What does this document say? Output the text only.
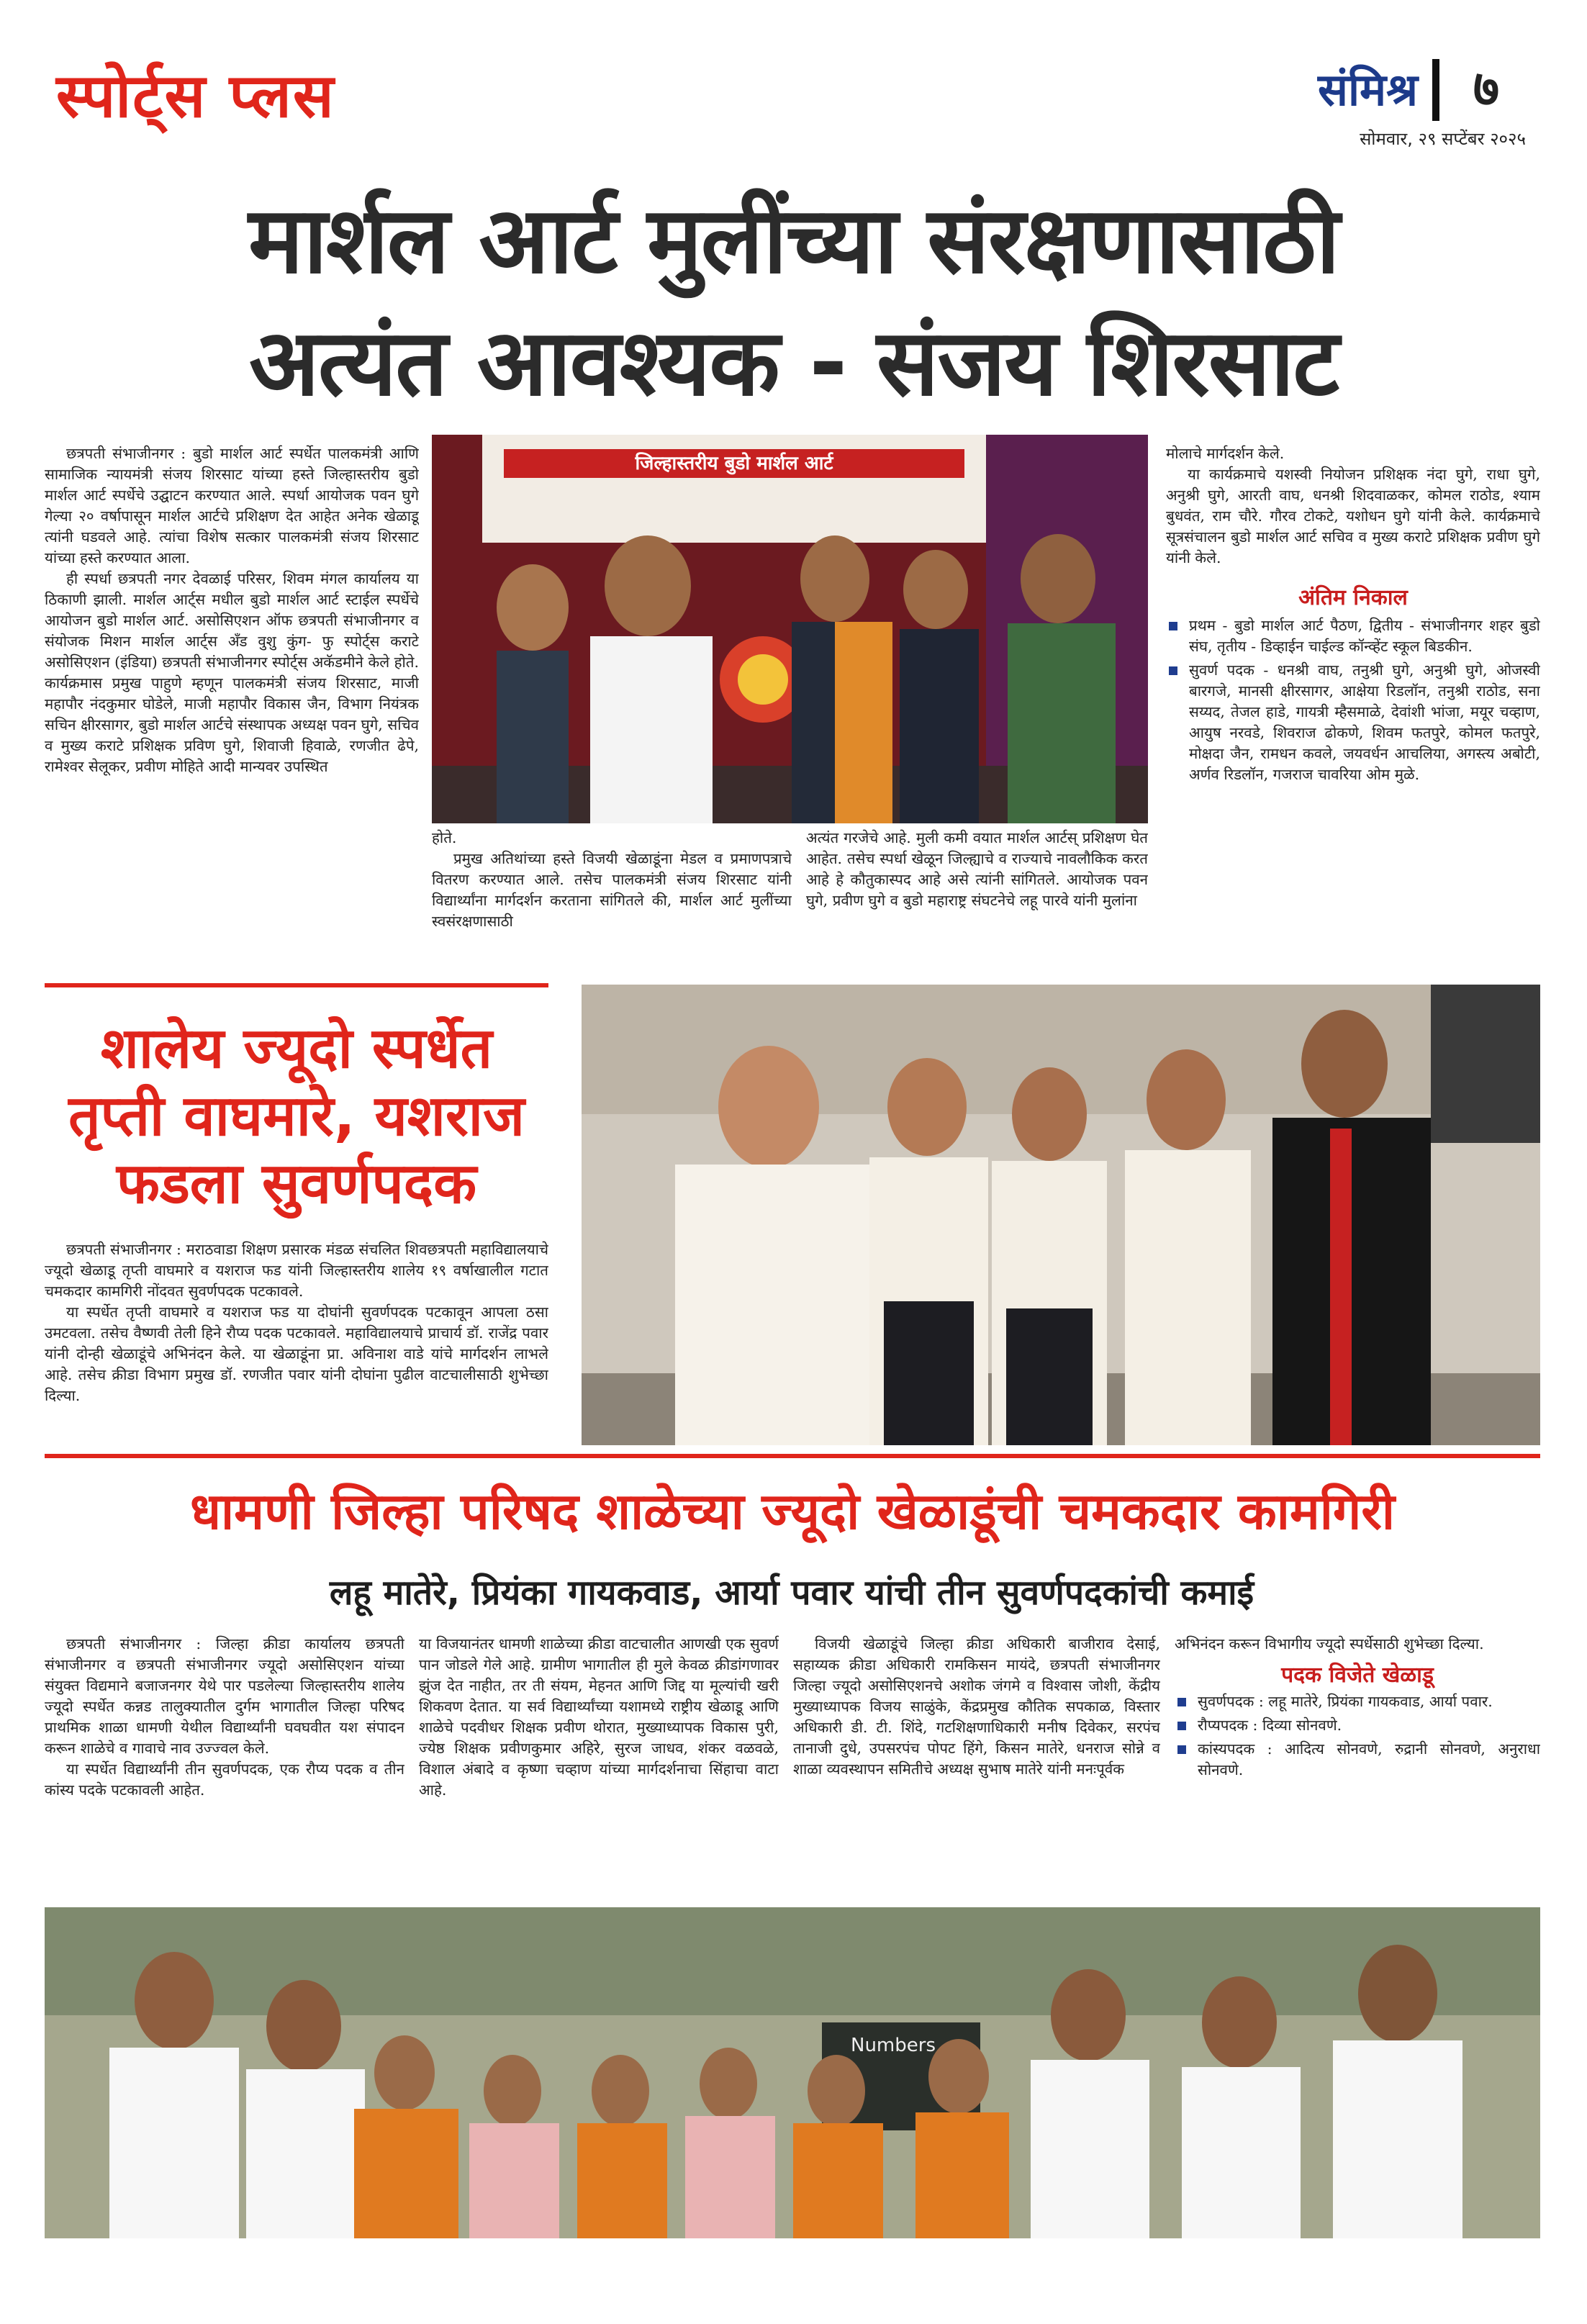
स्पोर्ट्स प्लस	संमिश्र	७
सोमवार, २९ सप्टेंबर २०२५
मार्शल आर्ट मुलींच्या संरक्षणासाठी
अत्यंत आवश्यक - संजय शिरसाट

छत्रपती संभाजीनगर : बुडो मार्शल आर्ट स्पर्धेत पालकमंत्री आणि सामाजिक न्यायमंत्री संजय शिरसाट यांच्या हस्ते जिल्हास्तरीय बुडो मार्शल आर्ट स्पर्धेचे उद्घाटन करण्यात आले. स्पर्धा आयोजक पवन घुगे गेल्या २० वर्षापासून मार्शल आर्टचे प्रशिक्षण देत आहेत अनेक खेळाडू त्यांनी घडवले आहे. त्यांचा विशेष सत्कार पालकमंत्री संजय शिरसाट यांच्या हस्ते करण्यात आला.

ही स्पर्धा छत्रपती नगर देवळाई परिसर, शिवम मंगल कार्यालय या ठिकाणी झाली. मार्शल आर्ट्स मधील बुडो मार्शल आर्ट स्टाईल स्पर्धेचे आयोजन बुडो मार्शल आर्ट. असोसिएशन ऑफ छत्रपती संभाजीनगर व संयोजक मिशन मार्शल आर्ट्स अँड वुशु कुंग- फु स्पोर्ट्स कराटे असोसिएशन (इंडिया) छत्रपती संभाजीनगर स्पोर्ट्स अकॅडमीने केले होते. कार्यक्रमास प्रमुख पाहुणे म्हणून पालकमंत्री संजय शिरसाट, माजी महापौर नंदकुमार घोडेले, माजी महापौर विकास जैन, विभाग नियंत्रक सचिन क्षीरसागर, बुडो मार्शल आर्टचे संस्थापक अध्यक्ष पवन घुगे, सचिव व मुख्य कराटे प्रशिक्षक प्रविण घुगे, शिवाजी हिवाळे, रणजीत ढेपे, रामेश्वर सेलूकर, प्रवीण मोहिते आदी मान्यवर उपस्थित

जिल्हास्तरीय बुडो मार्शल आर्ट

होते.

प्रमुख अतिथांच्या हस्ते विजयी खेळाडूंना मेडल व प्रमाणपत्राचे वितरण करण्यात आले. तसेच पालकमंत्री संजय शिरसाट यांनी विद्यार्थ्यांना मार्गदर्शन करताना सांगितले की, मार्शल आर्ट मुलींच्या स्वसंरक्षणासाठी

अत्यंत गरजेचे आहे. मुली कमी वयात मार्शल आर्टस् प्रशिक्षण घेत आहेत. तसेच स्पर्धा खेळून जिल्ह्याचे व राज्याचे नावलौकिक करत आहे हे कौतुकास्पद आहे असे त्यांनी सांगितले. आयोजक पवन घुगे, प्रवीण घुगे व बुडो महाराष्ट्र संघटनेचे लहू पारवे यांनी मुलांना

मोलाचे मार्गदर्शन केले.

या कार्यक्रमाचे यशस्वी नियोजन प्रशिक्षक नंदा घुगे, राधा घुगे, अनुश्री घुगे, आरती वाघ, धनश्री शिदवाळकर, कोमल राठोड, श्याम बुधवंत, राम चौरे. गौरव टोकटे, यशोधन घुगे यांनी केले. कार्यक्रमाचे सूत्रसंचालन बुडो मार्शल आर्ट सचिव व मुख्य कराटे प्रशिक्षक प्रवीण घुगे यांनी केले.

अंतिम निकाल
प्रथम - बुडो मार्शल आर्ट पैठण, द्वितीय - संभाजीनगर शहर बुडो संघ, तृतीय - डिव्हाईन चाईल्ड कॉन्व्हेंट स्कूल बिडकीन.
सुवर्ण पदक - धनश्री वाघ, तनुश्री घुगे, अनुश्री घुगे, ओजस्वी बारगजे, मानसी क्षीरसागर, आक्षेया रिडलॉन, तनुश्री राठोड, सना सय्यद, तेजल हाडे, गायत्री म्हैसमाळे, देवांशी भांजा, मयूर चव्हाण, आयुष नरवडे, शिवराज ढोकणे, शिवम फतपुरे, कोमल फतपुरे, मोक्षदा जैन, रामधन कवले, जयवर्धन आचलिया, अगस्त्य अबोटी, अर्णव रिडलॉन, गजराज चावरिया ओम मुळे.
शालेय ज्यूदो स्पर्धेत
तृप्ती वाघमारे, यशराज
फडला सुवर्णपदक

छत्रपती संभाजीनगर : मराठवाडा शिक्षण प्रसारक मंडळ संचलित शिवछत्रपती महाविद्यालयाचे ज्यूदो खेळाडू तृप्ती वाघमारे व यशराज फड यांनी जिल्हास्तरीय शालेय १९ वर्षाखालील गटात चमकदार कामगिरी नोंदवत सुवर्णपदक पटकावले.

या स्पर्धेत तृप्ती वाघमारे व यशराज फड या दोघांनी सुवर्णपदक पटकावून आपला ठसा उमटवला. तसेच वैष्णवी तेली हिने रौप्य पदक पटकावले. महाविद्यालयाचे प्राचार्य डॉ. राजेंद्र पवार यांनी दोन्ही खेळाडूंचे अभिनंदन केले. या खेळाडूंना प्रा. अविनाश वाडे यांचे मार्गदर्शन लाभले आहे. तसेच क्रीडा विभाग प्रमुख डॉ. रणजीत पवार यांनी दोघांना पुढील वाटचालीसाठी शुभेच्छा दिल्या.

धामणी जिल्हा परिषद शाळेच्या ज्यूदो खेळाडूंची चमकदार कामगिरी
लहू मातेरे, प्रियंका गायकवाड, आर्या पवार यांची तीन सुवर्णपदकांची कमाई

छत्रपती संभाजीनगर : जिल्हा क्रीडा कार्यालय छत्रपती संभाजीनगर व छत्रपती संभाजीनगर ज्यूदो असोसिएशन यांच्या संयुक्त विद्यमाने बजाजनगर येथे पार पडलेल्या जिल्हास्तरीय शालेय ज्यूदो स्पर्धेत कन्नड तालुक्यातील दुर्गम भागातील जिल्हा परिषद प्राथमिक शाळा धामणी येथील विद्यार्थ्यांनी घवघवीत यश संपादन करून शाळेचे व गावाचे नाव उज्ज्वल केले.

या स्पर्धेत विद्यार्थ्यांनी तीन सुवर्णपदक, एक रौप्य पदक व तीन कांस्य पदके पटकावली आहेत.

या विजयानंतर धामणी शाळेच्या क्रीडा वाटचालीत आणखी एक सुवर्ण पान जोडले गेले आहे. ग्रामीण भागातील ही मुले केवळ क्रीडांगणावर झुंज देत नाहीत, तर ती संयम, मेहनत आणि जिद्द या मूल्यांची खरी शिकवण देतात. या सर्व विद्यार्थ्यांच्या यशामध्ये राष्ट्रीय खेळाडू आणि शाळेचे पदवीधर शिक्षक प्रवीण थोरात, मुख्याध्यापक विकास पुरी, ज्येष्ठ शिक्षक प्रवीणकुमार अहिरे, सुरज जाधव, शंकर वळवळे, विशाल अंबादे व कृष्णा चव्हाण यांच्या मार्गदर्शनाचा सिंहाचा वाटा आहे.

विजयी खेळाडूंचे जिल्हा क्रीडा अधिकारी बाजीराव देसाई, सहाय्यक क्रीडा अधिकारी रामकिसन मायंदे, छत्रपती संभाजीनगर जिल्हा ज्यूदो असोसिएशनचे अशोक जंगमे व विश्वास जोशी, केंद्रीय मुख्याध्यापक विजय साळुंके, केंद्रप्रमुख कौतिक सपकाळ, विस्तार अधिकारी डी. टी. शिंदे, गटशिक्षणाधिकारी मनीष दिवेकर, सरपंच तानाजी दुधे, उपसरपंच पोपट हिंगे, किसन मातेरे, धनराज सोन्ने व शाळा व्यवस्थापन समितीचे अध्यक्ष सुभाष मातेरे यांनी मनःपूर्वक

अभिनंदन करून विभागीय ज्यूदो स्पर्धेसाठी शुभेच्छा दिल्या.

पदक विजेते खेळाडू
सुवर्णपदक : लहू मातेरे, प्रियंका गायकवाड, आर्या पवार.
रौप्यपदक : दिव्या सोनवणे.
कांस्यपदक : आदित्य सोनवणे, रुद्रानी सोनवणे, अनुराधा सोनवणे.
Numbers
